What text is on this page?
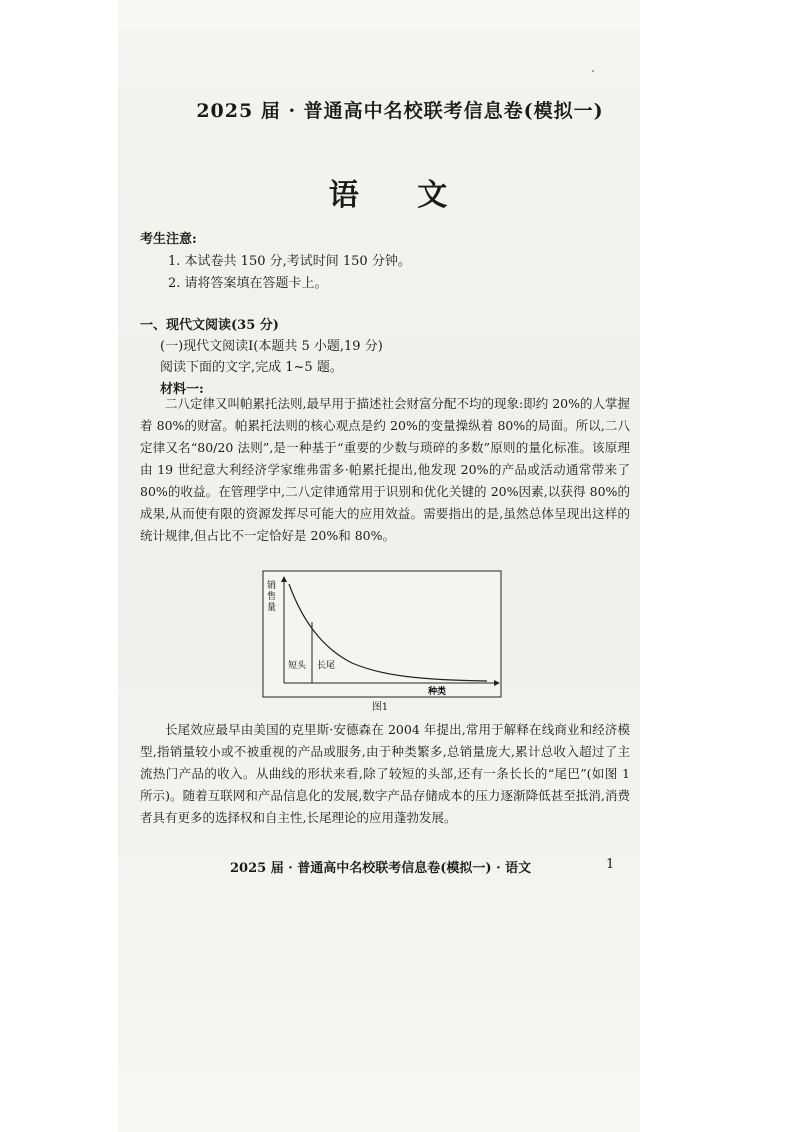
2025 届 · 普通高中名校联考信息卷(模拟一)
语 文
考生注意:
1. 本试卷共 150 分,考试时间 150 分钟。
2. 请将答案填在答题卡上。
一、现代文阅读(35 分)
(一)现代文阅读Ⅰ(本题共 5 小题,19 分)
阅读下面的文字,完成 1~5 题。
材料一:

二八定律又叫帕累托法则,最早用于描述社会财富分配不均的现象:即约 20%的人掌握着 80%的财富。帕累托法则的核心观点是约 20%的变量操纵着 80%的局面。所以,二八定律又名“80/20 法则”,是一种基于“重要的少数与琐碎的多数”原则的量化标准。该原理由 19 世纪意大利经济学家维弗雷多·帕累托提出,他发现 20%的产品或活动通常带来了 80%的收益。在管理学中,二八定律通常用于识别和优化关键的 20%因素,以获得 80%的成果,从而使有限的资源发挥尽可能大的应用效益。需要指出的是,虽然总体呈现出这样的统计规律,但占比不一定恰好是 20%和 80%。

销售量
短头 长尾
种类
图1

长尾效应最早由美国的克里斯·安德森在 2004 年提出,常用于解释在线商业和经济模型,指销量较小或不被重视的产品或服务,由于种类繁多,总销量庞大,累计总收入超过了主流热门产品的收入。从曲线的形状来看,除了较短的头部,还有一条长长的“尾巴”(如图 1 所示)。随着互联网和产品信息化的发展,数字产品存储成本的压力逐渐降低甚至抵消,消费者具有更多的选择权和自主性,长尾理论的应用蓬勃发展。

2025 届 · 普通高中名校联考信息卷(模拟一) · 语文	1
